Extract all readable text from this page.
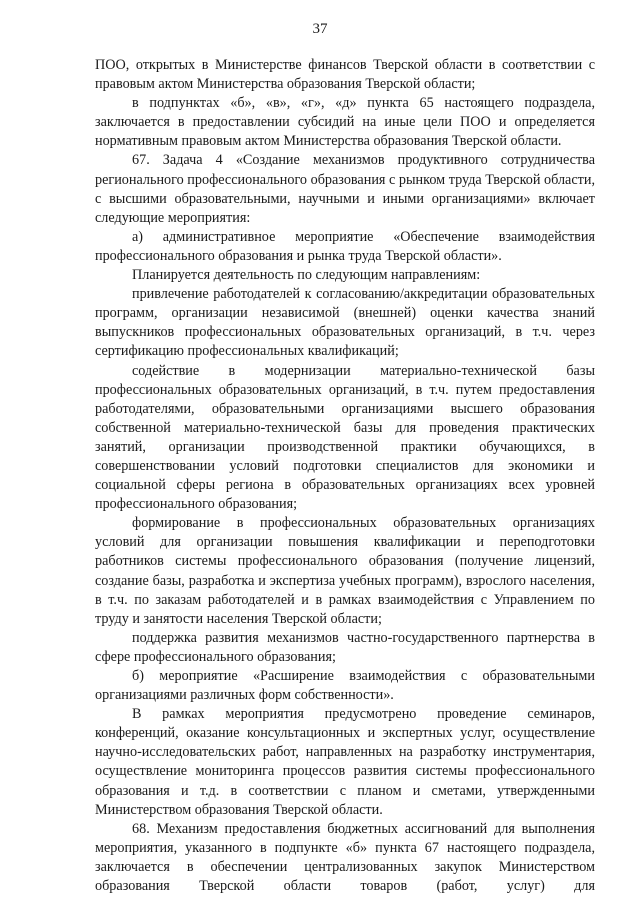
37

ПОО, открытых в Министерстве финансов Тверской области в соответствии с правовым актом Министерства образования Тверской области;

в подпунктах «б», «в», «г», «д» пункта 65 настоящего подраздела, заключается в предоставлении субсидий на иные цели ПОО и определяется нормативным правовым актом Министерства образования Тверской области.

67. Задача 4 «Создание механизмов продуктивного сотрудничества регионального профессионального образования с рынком труда Тверской области, с высшими образовательными, научными и иными организациями» включает следующие мероприятия:

а) административное мероприятие «Обеспечение взаимодействия профессионального образования и рынка труда Тверской области».

Планируется деятельность по следующим направлениям:

привлечение работодателей к согласованию/аккредитации образовательных программ, организации независимой (внешней) оценки качества знаний выпускников профессиональных образовательных организаций, в т.ч. через сертификацию профессиональных квалификаций;

содействие в модернизации материально-технической базы профессиональных образовательных организаций, в т.ч. путем предоставления работодателями, образовательными организациями высшего образования собственной материально-технической базы для проведения практических занятий, организации производственной практики обучающихся, в совершенствовании условий подготовки специалистов для экономики и социальной сферы региона в образовательных организациях всех уровней профессионального образования;

формирование в профессиональных образовательных организациях условий для организации повышения квалификации и переподготовки работников системы профессионального образования (получение лицензий, создание базы, разработка и экспертиза учебных программ), взрослого населения, в т.ч. по заказам работодателей и в рамках взаимодействия с Управлением по труду и занятости населения Тверской области;

поддержка развития механизмов частно-государственного партнерства в сфере профессионального образования;

б) мероприятие «Расширение взаимодействия с образовательными организациями различных форм собственности».

В рамках мероприятия предусмотрено проведение семинаров, конференций, оказание консультационных и экспертных услуг, осуществление научно-исследовательских работ, направленных на разработку инструментария, осуществление мониторинга процессов развития системы профессионального образования и т.д. в соответствии с планом и сметами, утвержденными Министерством образования Тверской области.

68. Механизм предоставления бюджетных ассигнований для выполнения мероприятия, указанного в подпункте «б» пункта 67 настоящего подраздела, заключается в обеспечении централизованных закупок Министерством образования Тверской области товаров (работ, услуг) для
